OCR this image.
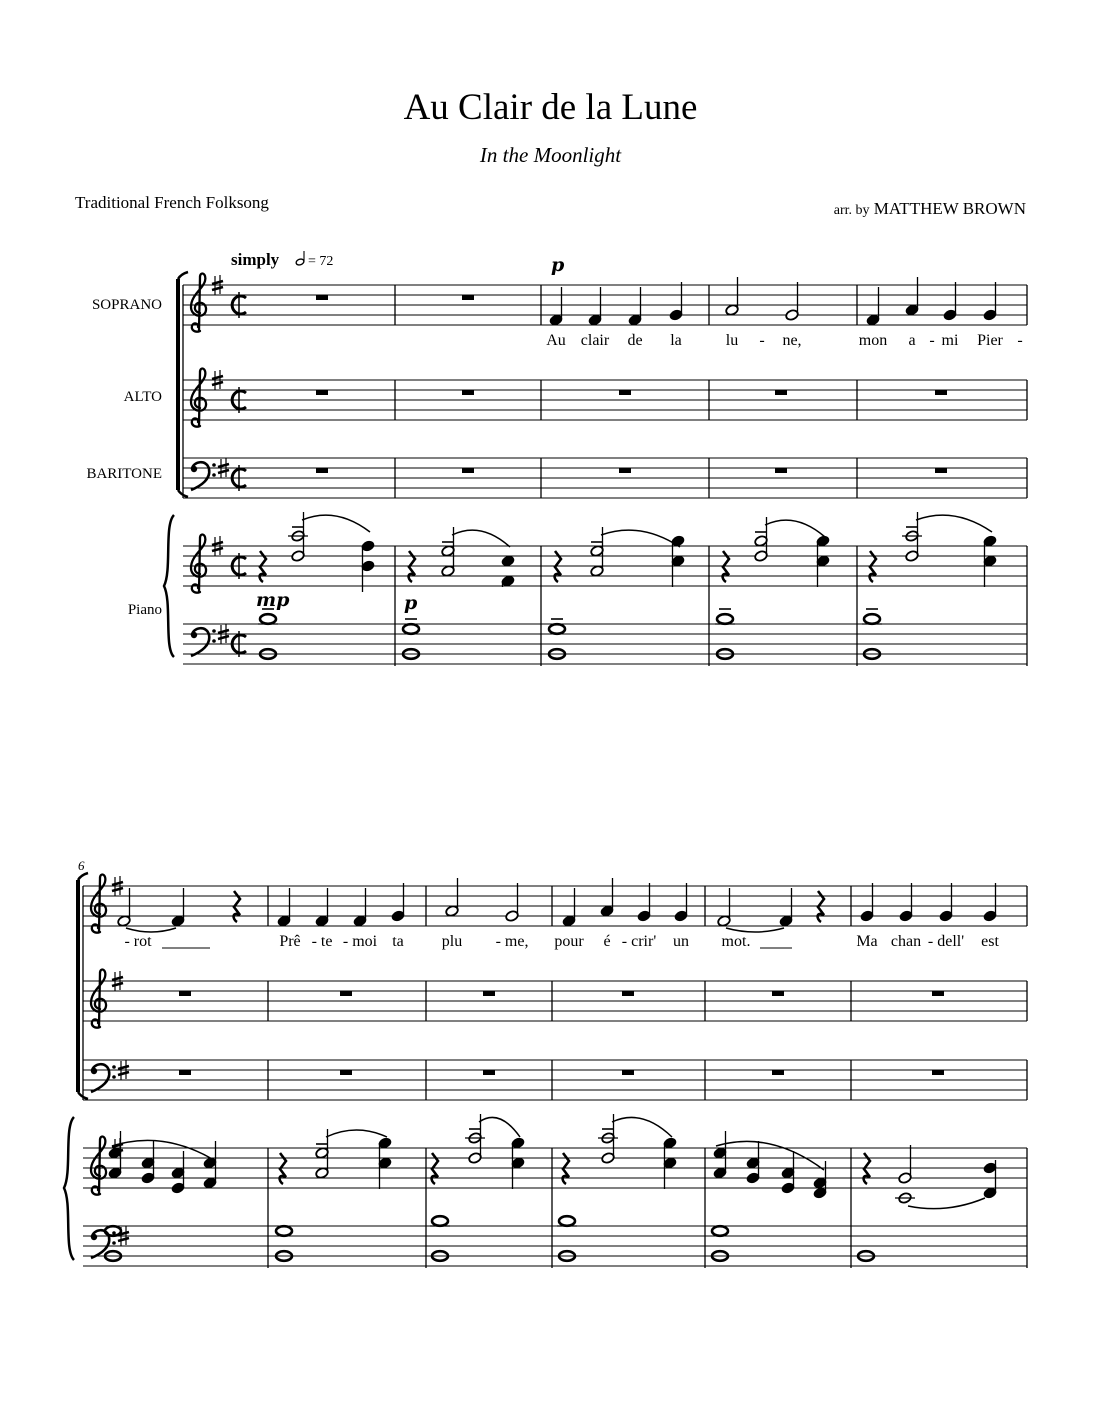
Au Clair de la Lune
In the Moonlight
Traditional French Folksong	arr. by MATTHEW BROWN
SOPRANO
ALTO
BARITONE
Piano
simply = 72
6
p
mp	p
Au clair de la	lu - ne,	mon a - mi Pier -
- rot	Prê - te - moi ta plu - me, pour é - crir' un mot.	Ma chan - dell' est
